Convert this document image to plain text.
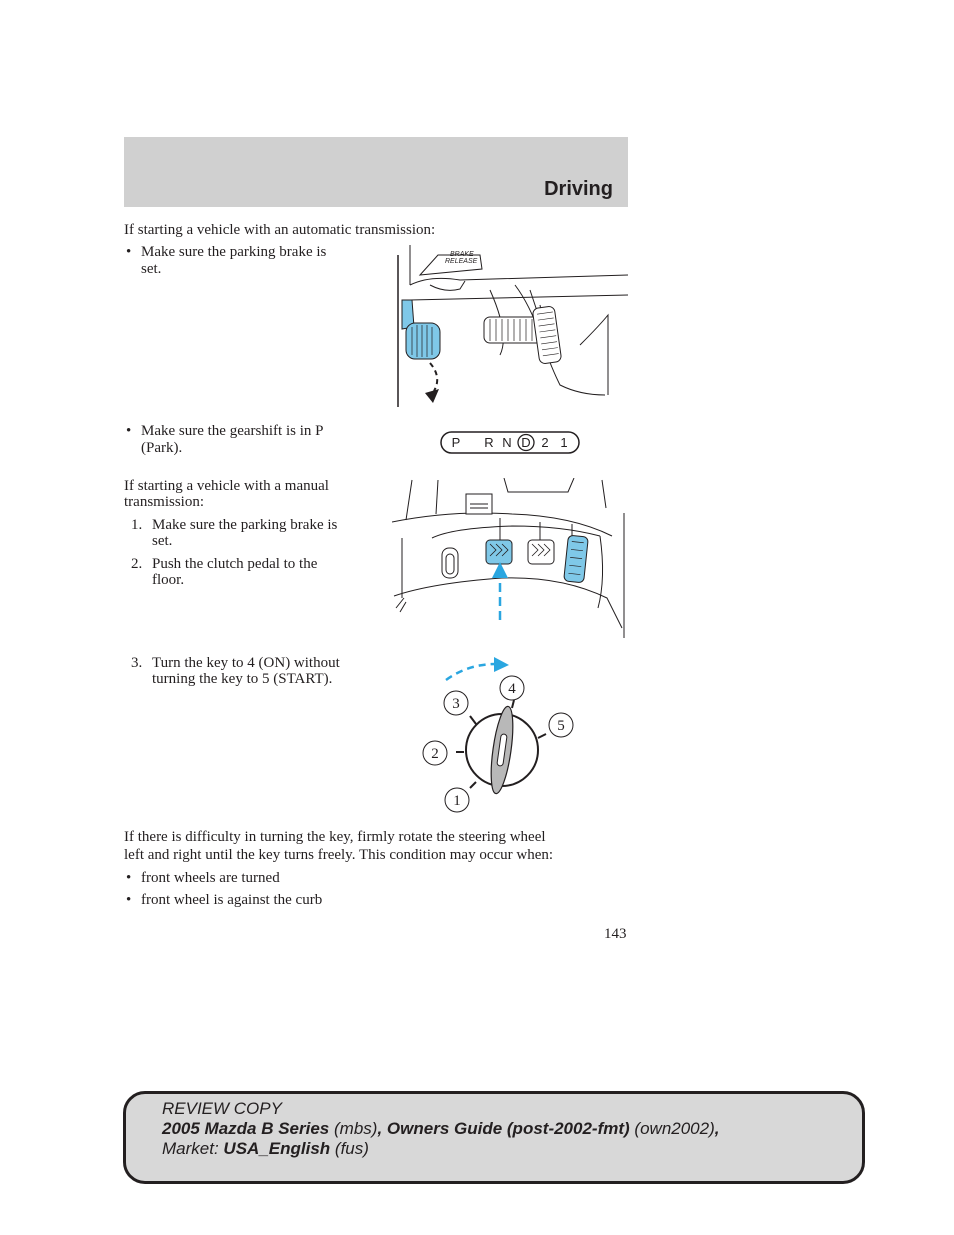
Driving
If starting a vehicle with an automatic transmission:
• Make sure the parking brake is
set.
BRAKE
RELEASE
• Make sure the gearshift is in P
(Park).	P R N D 2 1
If starting a vehicle with a manual
transmission:
1. Make sure the parking brake is
set.
2. Push the clutch pedal to the
floor.
3. Turn the key to 4 (ON) without
turning the key to 5 (START).
1
2
3
4
5
If there is difficulty in turning the key, firmly rotate the steering wheel
left and right until the key turns freely. This condition may occur when:
• front wheels are turned
• front wheel is against the curb
143
REVIEW COPY
2005 Mazda B Series (mbs), Owners Guide (post-2002-fmt) (own2002),
Market: USA_English (fus)
